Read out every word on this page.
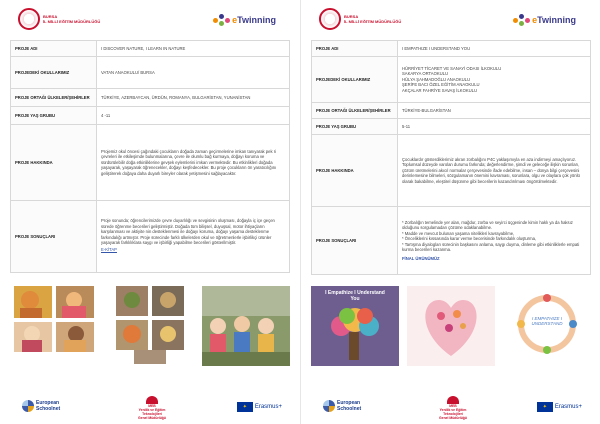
BURSA
İL MİLLİ EĞİTİM MÜDÜRLÜĞÜ	eTwinning
PROJE ADI	I DISCOVER NATURE, I LEARN IN NATURE
PROJEDEKİ OKULLARIMIZ	VATAN ANAOKULU/ BURSA
PROJE ORTAĞI ÜLKELER/ŞEHİRLER	TÜRKİYE, AZERBAYCAN, ÜRDÜN, ROMANYA, BULGARİSTAN, YUNANİSTAN
PROJE YAŞ GRUBU	4 -11
PROJE HAKKINDA	Projemiz okul öncesi çağındaki çocukların doğada zaman geçirmelerine imkan tanıyarak pek ri çevreleri ile etkileşimde bulunmalarına, çevre ile olumlu bağ kurmaya, doğayı koruma ve sürdürülebilir doğa etkinliklerine gevşek eylemlerini imkan vermektedir. Bu etkinlikleri doğada yaşayarak, yaşayarak öğrenecekler, doğayı keşfedecekler. Bu proje çocukların ön yaratıcılığını geliştirerek doğaya daha duyarlı bireyler olarak yetişmesini sağlayacaktır.
PROJE SONUÇLARI	Proje sonunda; öğrencilerimizde çevre duyarlılığı ve sevgisinin oluşması, doğayla iç içe geçen sürede öğrenme becerileri geliştirmiştir. Doğada tüm bilişsel, duyuşsal, motor ihtiyaçların karşılanması ve aktiyite nin desteklenmesi ile doğayı koruma, doğayı yaşama desteklenme farkındalığı artmıştır. Proje sürecinde farklı ülkelerden okul ve öğretmenlerle işbirlikçi ürünler yaşayarak farklılıklara saygı ve işbirliği yapabilme becerileri gösterilmiştir.

E-KİTAP

European
Schoolnet	MEB
Yenilik ve Eğitim Teknolojileri
Genel Müdürlüğü
✦ Erasmus+
BURSA
İL MİLLİ EĞİTİM MÜDÜRLÜĞÜ	eTwinning
PROJE ADI	I EMPATHIZE I UNDERSTAND YOU
PROJEDEKİ OKULLARIMIZ	HÜRRİYET TİCARET VE SANAYİ ODASI İLKOKULU
SAKARYA ORTAOKULU
HÜLYA ŞAHMADOĞLU ANAOKULU
ŞERİFE BACI ÖZEL EĞİTİM ANAOKULU
AKÇALAR FAHRİYE SAVAŞ İLKOKULU

PROJE ORTAĞI ÜLKELER/ŞEHİRLER	TÜRKİYE-BULGARİSTAN
PROJE YAŞ GRUBU	5-11
PROJE HAKKINDA	Çocuklardır gösterdiklerimiz akran zorbalığını P4C yaklaşımıyla en aza indirmeyi amaçlıyoruz. Toplumsal düzeyde varolan durumu farkında; değerlendirme, şimdi ve geleceğe ilişkin sorunları, çözüm üretmelerini akıcıl normalar çerçevesinde ifade edebilme, insan – dünya bilgi çerçevesini derinlemesine bilmeleri, sözgulamanın önemini kavraması, sorunlara, olgu ve olaylara çok yönlü olarak bakabilme, eleştirel düşünme gibi becerilerin kazandırılması öngörülmektedir.
PROJE SONUÇLARI	* Zorbalığın temelinde yer alan, mağdur, zorba ve seyirci üçgeninde kimin haklı ya da haksız olduğunu sorgulamadan çözüme odaklanabilme.
* Madde ve mevcut bulunan yaşama nitelikleri kavrayabilme,
* Önceliklerini kıssasında karar verme becerisinde farkındalık oluşturma,
* Tartışma diyalogları sürecinin başkasını anlama, saygı duyma, dinleme gibi etkinliklerle empati kurma becerileri kazanma.
FİNAL ÜRÜNÜMÜZ
I Empathize I Understand
You
I EMPATHIZE I
UNDERSTAND
European
Schoolnet	MEB
Yenilik ve Eğitim Teknolojileri
Genel Müdürlüğü
✦ Erasmus+
